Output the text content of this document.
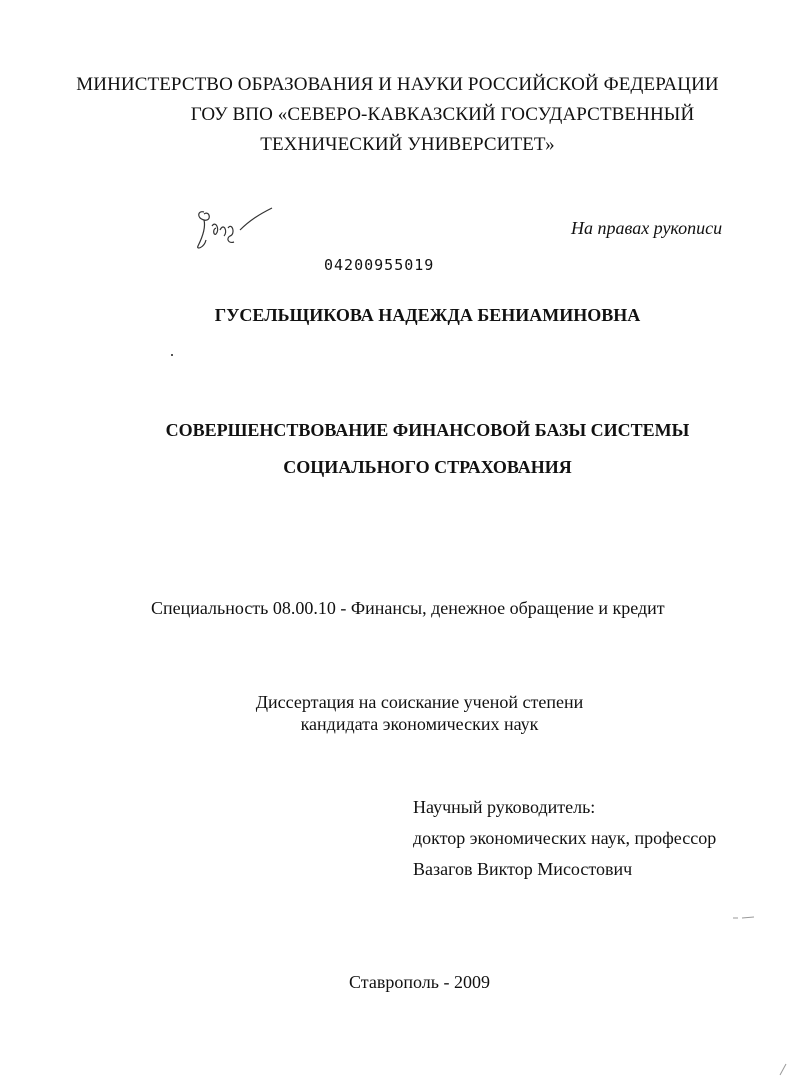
МИНИСТЕРСТВО ОБРАЗОВАНИЯ И НАУКИ РОССИЙСКОЙ ФЕДЕРАЦИИ

ГОУ ВПО «СЕВЕРО-КАВКАЗСКИЙ ГОСУДАРСТВЕННЫЙ

ТЕХНИЧЕСКИЙ УНИВЕРСИТЕТ»

На правах рукописи

04200955019

ГУСЕЛЬЩИКОВА НАДЕЖДА БЕНИАМИНОВНА

СОВЕРШЕНСТВОВАНИЕ ФИНАНСОВОЙ БАЗЫ СИСТЕМЫ

СОЦИАЛЬНОГО СТРАХОВАНИЯ

Специальность 08.00.10 - Финансы, денежное обращение и кредит

Диссертация на соискание ученой степени

кандидата экономических наук

Научный руководитель:

доктор экономических наук, профессор

Вазагов Виктор Мисостович

Ставрополь - 2009
